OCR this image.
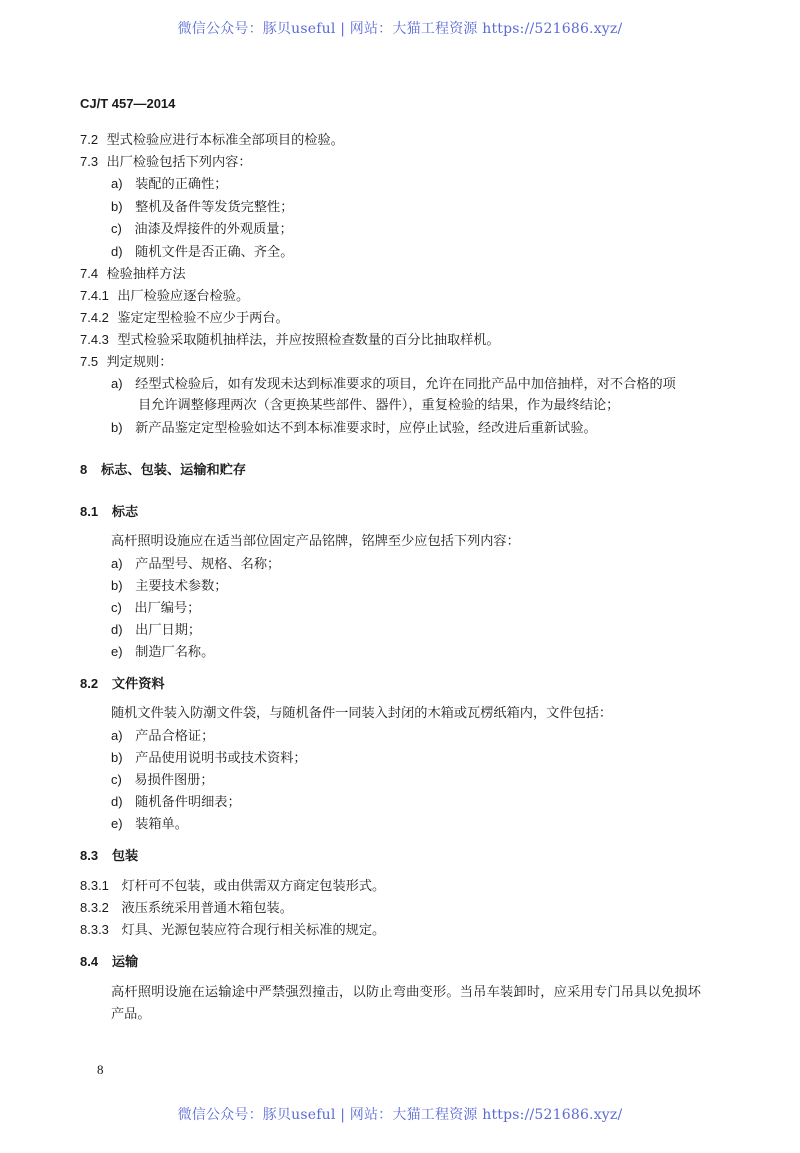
微信公众号：豚贝useful | 网站：大猫工程资源 https://521686.xyz/
CJ/T 457—2014
7.2 型式检验应进行本标准全部项目的检验。
7.3 出厂检验包括下列内容：
a) 装配的正确性；
b) 整机及备件等发货完整性；
c) 油漆及焊接件的外观质量；
d) 随机文件是否正确、齐全。
7.4 检验抽样方法
7.4.1 出厂检验应逐台检验。
7.4.2 鉴定定型检验不应少于两台。
7.4.3 型式检验采取随机抽样法，并应按照检查数量的百分比抽取样机。
7.5 判定规则：
a) 经型式检验后，如有发现未达到标准要求的项目，允许在同批产品中加倍抽样，对不合格的项
目允许调整修理两次（含更换某些部件、器件），重复检验的结果，作为最终结论；
b) 新产品鉴定定型检验如达不到本标准要求时，应停止试验，经改进后重新试验。
8 标志、包装、运输和贮存
8.1 标志
高杆照明设施应在适当部位固定产品铭牌，铭牌至少应包括下列内容：
a) 产品型号、规格、名称；
b) 主要技术参数；
c) 出厂编号；
d) 出厂日期；
e) 制造厂名称。
8.2 文件资料
随机文件装入防潮文件袋，与随机备件一同装入封闭的木箱或瓦楞纸箱内，文件包括：
a) 产品合格证；
b) 产品使用说明书或技术资料；
c) 易损件图册；
d) 随机备件明细表；
e) 装箱单。
8.3 包装
8.3.1 灯杆可不包装，或由供需双方商定包装形式。
8.3.2 液压系统采用普通木箱包装。
8.3.3 灯具、光源包装应符合现行相关标准的规定。
8.4 运输
高杆照明设施在运输途中严禁强烈撞击，以防止弯曲变形。当吊车装卸时，应采用专门吊具以免损坏产品。
8
微信公众号：豚贝useful | 网站：大猫工程资源 https://521686.xyz/
